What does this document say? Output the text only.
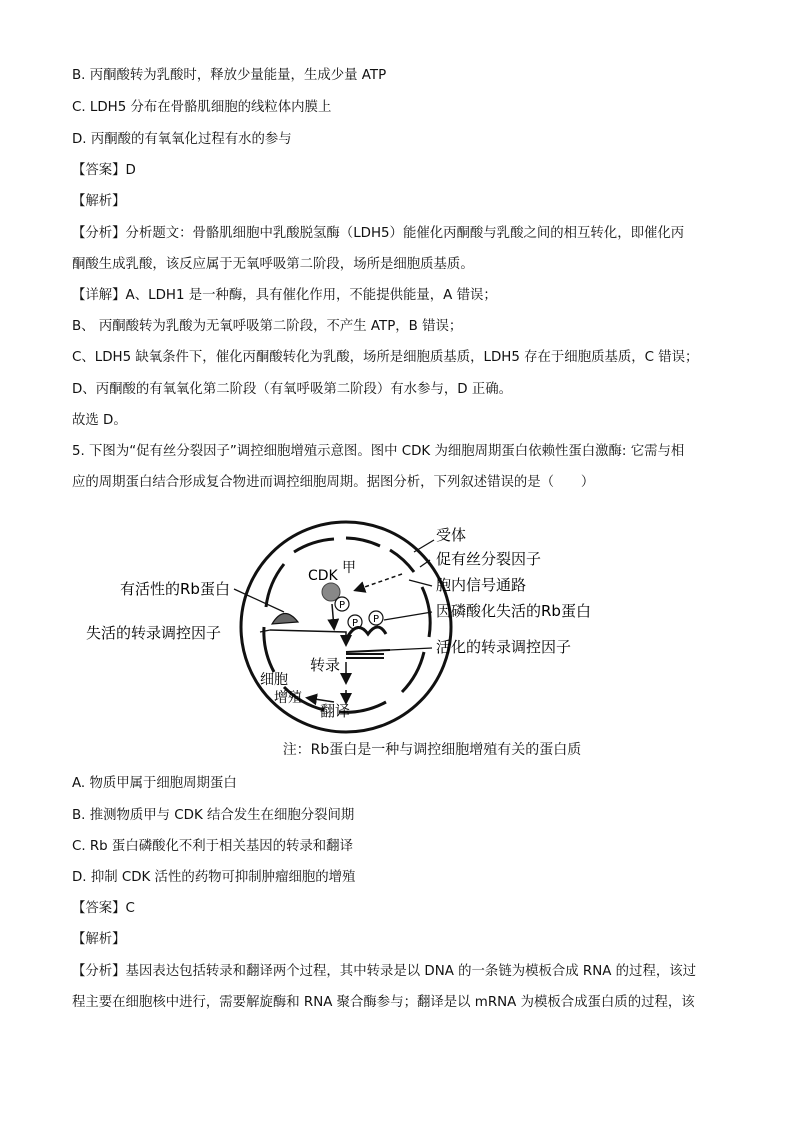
B. 丙酮酸转为乳酸时，释放少量能量，生成少量 ATP
C. LDH5 分布在骨骼肌细胞的线粒体内膜上
D. 丙酮酸的有氧氧化过程有水的参与
【答案】D
【解析】
【分析】分析题文：骨骼肌细胞中乳酸脱氢酶（LDH5）能催化丙酮酸与乳酸之间的相互转化，即催化丙
酮酸生成乳酸，该反应属于无氧呼吸第二阶段，场所是细胞质基质。
【详解】A、LDH1 是一种酶，具有催化作用，不能提供能量，A 错误；
B、 丙酮酸转为乳酸为无氧呼吸第二阶段，不产生 ATP，B 错误；
C、LDH5 缺氧条件下，催化丙酮酸转化为乳酸，场所是细胞质基质，LDH5 存在于细胞质基质，C 错误；
D、丙酮酸的有氧氧化第二阶段（有氧呼吸第二阶段）有水参与，D 正确。
故选 D。
5. 下图为“促有丝分裂因子”调控细胞增殖示意图。图中 CDK 为细胞周期蛋白依赖性蛋白激酶: 它需与相
应的周期蛋白结合形成复合物进而调控细胞周期。据图分析，下列叙述错误的是（　　）
P
P P
受体
促有丝分裂因子
胞内信号通路
因磷酸化失活的Rb蛋白
活化的转录调控因子
有活性的Rb蛋白
失活的转录调控因子
CDK 甲
转录
翻译
细胞
增殖
注：Rb蛋白是一种与调控细胞增殖有关的蛋白质
A. 物质甲属于细胞周期蛋白
B. 推测物质甲与 CDK 结合发生在细胞分裂间期
C. Rb 蛋白磷酸化不利于相关基因的转录和翻译
D. 抑制 CDK 活性的药物可抑制肿瘤细胞的增殖
【答案】C
【解析】
【分析】基因表达包括转录和翻译两个过程，其中转录是以 DNA 的一条链为模板合成 RNA 的过程，该过
程主要在细胞核中进行，需要解旋酶和 RNA 聚合酶参与；翻译是以 mRNA 为模板合成蛋白质的过程，该
